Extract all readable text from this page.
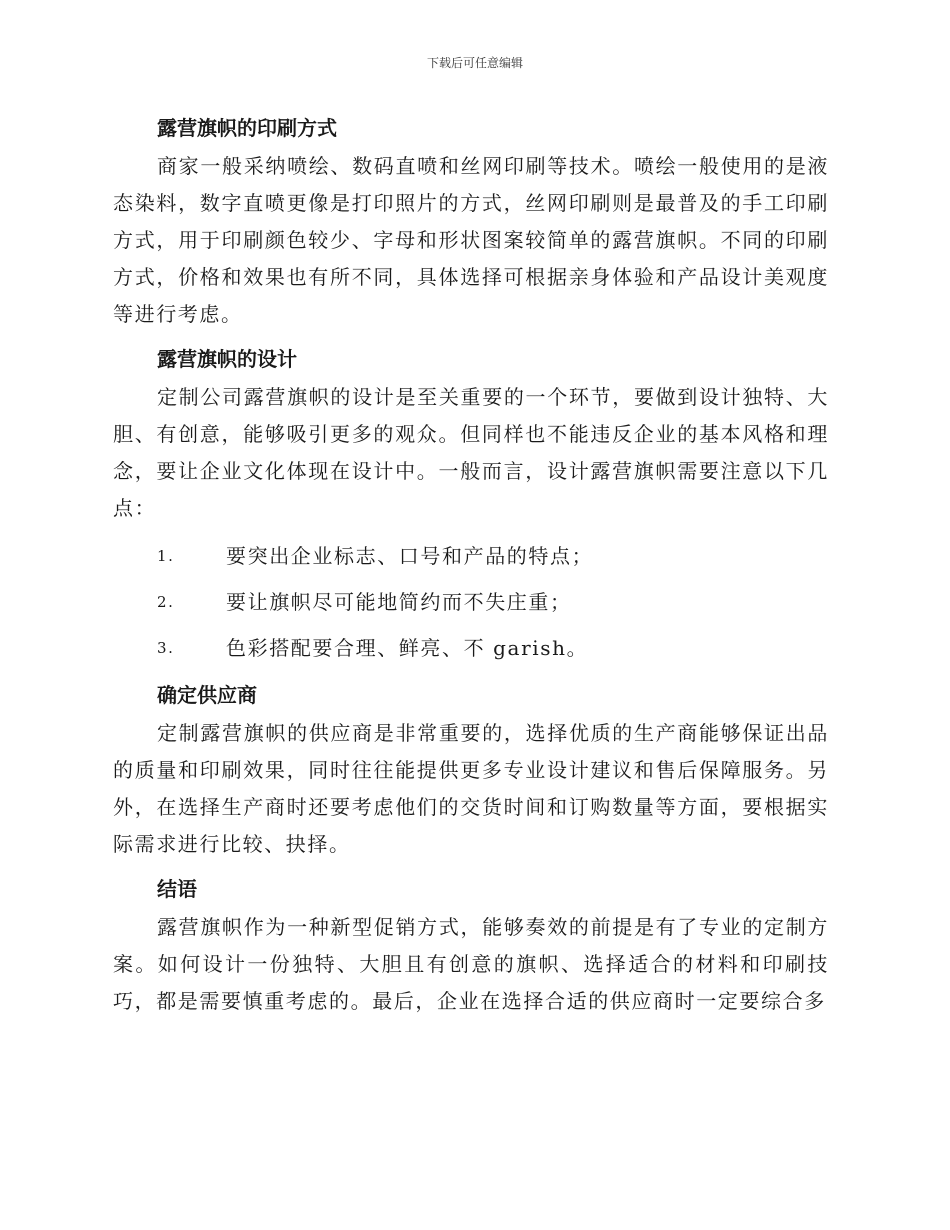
下载后可任意编辑
露营旗帜的印刷方式

商家一般采纳喷绘、数码直喷和丝网印刷等技术。喷绘一般使用的是液态染料，数字直喷更像是打印照片的方式，丝网印刷则是最普及的手工印刷方式，用于印刷颜色较少、字母和形状图案较简单的露营旗帜。不同的印刷方式，价格和效果也有所不同，具体选择可根据亲身体验和产品设计美观度等进行考虑。

露营旗帜的设计

定制公司露营旗帜的设计是至关重要的一个环节，要做到设计独特、大胆、有创意，能够吸引更多的观众。但同样也不能违反企业的基本风格和理念，要让企业文化体现在设计中。一般而言，设计露营旗帜需要注意以下几点：

1.	要突出企业标志、口号和产品的特点；
2.	要让旗帜尽可能地简约而不失庄重；
3.	色彩搭配要合理、鲜亮、不 garish。
确定供应商

定制露营旗帜的供应商是非常重要的，选择优质的生产商能够保证出品的质量和印刷效果，同时往往能提供更多专业设计建议和售后保障服务。另外，在选择生产商时还要考虑他们的交货时间和订购数量等方面，要根据实际需求进行比较、抉择。

结语

露营旗帜作为一种新型促销方式，能够奏效的前提是有了专业的定制方案。如何设计一份独特、大胆且有创意的旗帜、选择适合的材料和印刷技巧，都是需要慎重考虑的。最后，企业在选择合适的供应商时一定要综合多
